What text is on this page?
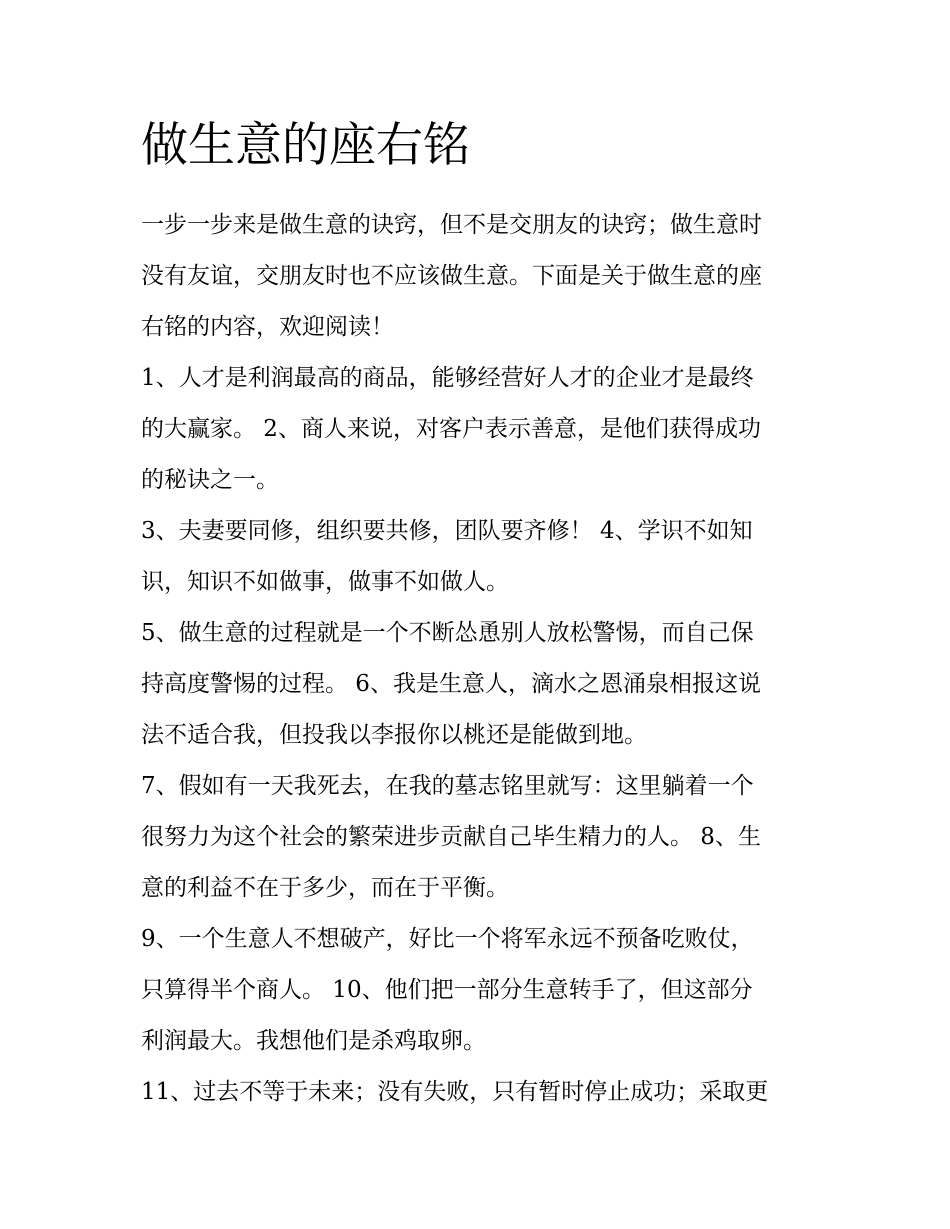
做生意的座右铭

一步一步来是做生意的诀窍，但不是交朋友的诀窍；做生意时

没有友谊，交朋友时也不应该做生意。下面是关于做生意的座

右铭的内容，欢迎阅读！

1、人才是利润最高的商品，能够经营好人才的企业才是最终

的大赢家。 2、商人来说，对客户表示善意，是他们获得成功

的秘诀之一。

3、夫妻要同修，组织要共修，团队要齐修！ 4、学识不如知

识，知识不如做事，做事不如做人。

5、做生意的过程就是一个不断怂恿别人放松警惕，而自己保

持高度警惕的过程。 6、我是生意人，滴水之恩涌泉相报这说

法不适合我，但投我以李报你以桃还是能做到地。

7、假如有一天我死去，在我的墓志铭里就写：这里躺着一个

很努力为这个社会的繁荣进步贡献自己毕生精力的人。 8、生

意的利益不在于多少，而在于平衡。

9、一个生意人不想破产，好比一个将军永远不预备吃败仗，

只算得半个商人。 10、他们把一部分生意转手了，但这部分

利润最大。我想他们是杀鸡取卵。

11、过去不等于未来；没有失败，只有暂时停止成功；采取更
